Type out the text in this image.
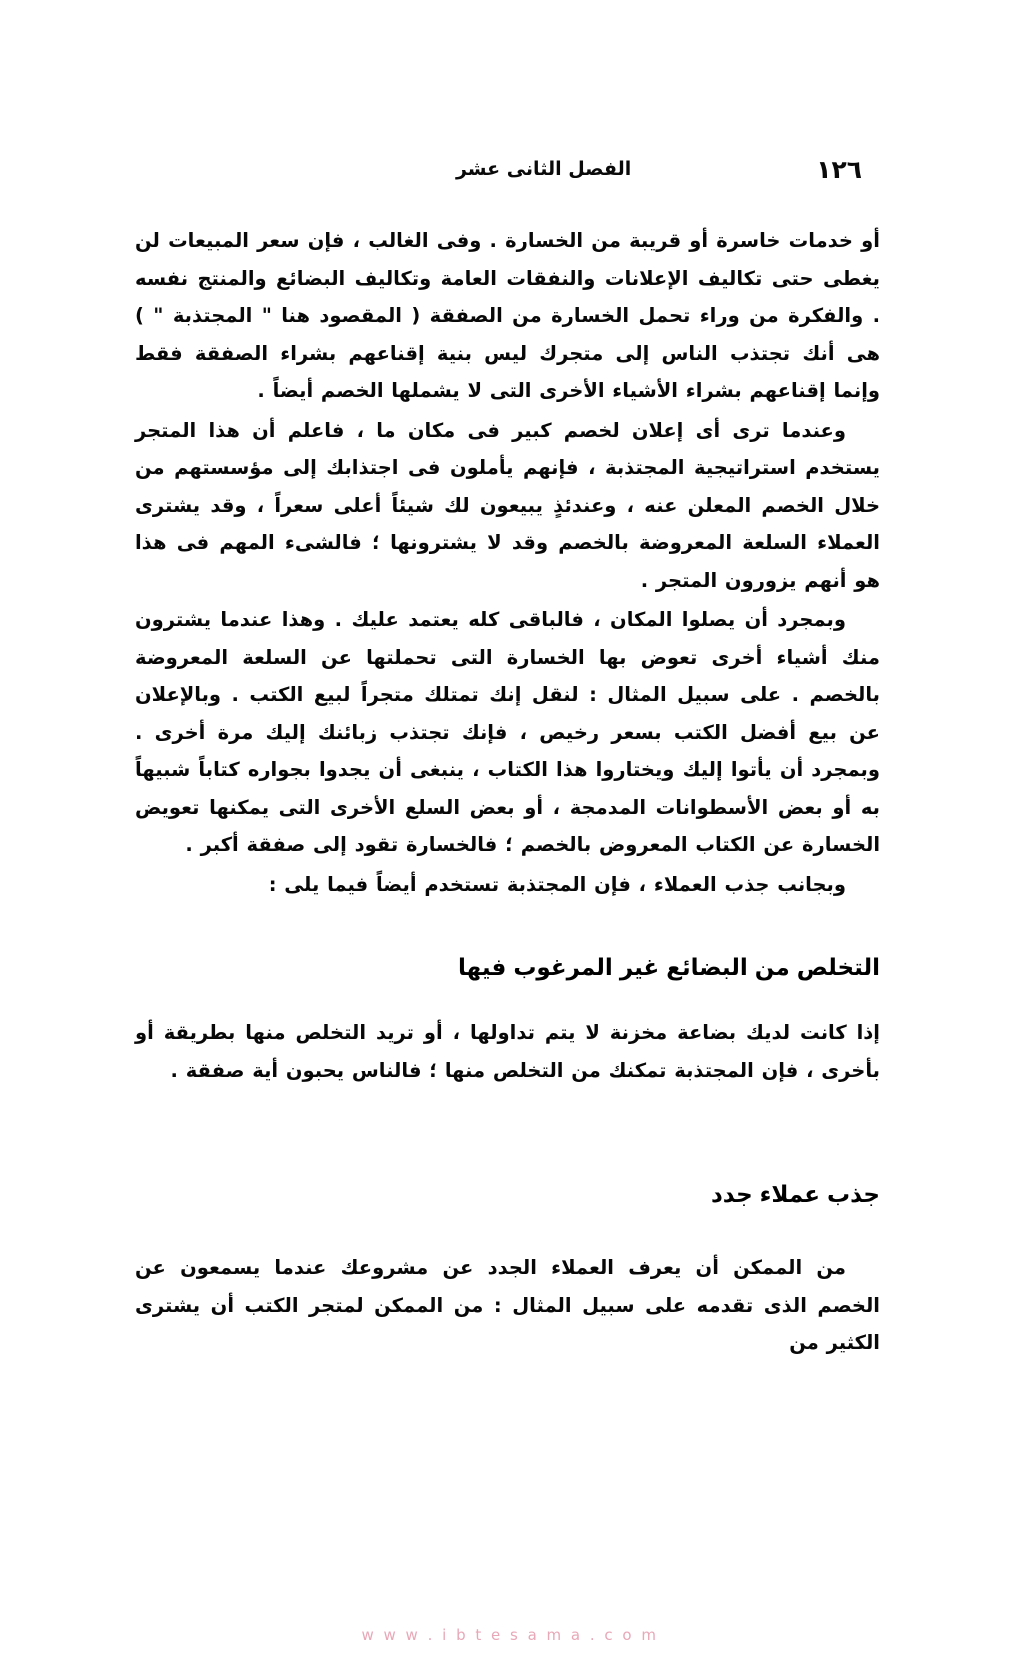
١٢٦
الفصل الثانى عشر

أو خدمات خاسرة أو قريبة من الخسارة . وفى الغالب ، فإن سعر المبيعات لن يغطى حتى تكاليف الإعلانات والنفقات العامة وتكاليف البضائع والمنتج نفسه . والفكرة من وراء تحمل الخسارة من الصفقة ( المقصود هنا " المجتذبة " ) هى أنك تجتذب الناس إلى متجرك ليس بنية إقناعهم بشراء الصفقة فقط وإنما إقناعهم بشراء الأشياء الأخرى التى لا يشملها الخصم أيضاً .

وعندما ترى أى إعلان لخصم كبير فى مكان ما ، فاعلم أن هذا المتجر يستخدم استراتيجية المجتذبة ، فإنهم يأملون فى اجتذابك إلى مؤسستهم من خلال الخصم المعلن عنه ، وعندئذٍ يبيعون لك شيئاً أعلى سعراً ، وقد يشترى العملاء السلعة المعروضة بالخصم وقد لا يشترونها ؛ فالشىء المهم فى هذا هو أنهم يزورون المتجر .

وبمجرد أن يصلوا المكان ، فالباقى كله يعتمد عليك . وهذا عندما يشترون منك أشياء أخرى تعوض بها الخسارة التى تحملتها عن السلعة المعروضة بالخصم . على سبيل المثال : لنقل إنك تمتلك متجراً لبيع الكتب . وبالإعلان عن بيع أفضل الكتب بسعر رخيص ، فإنك تجتذب زبائنك إليك مرة أخرى . وبمجرد أن يأتوا إليك ويختاروا هذا الكتاب ، ينبغى أن يجدوا بجواره كتاباً شبيهاً به أو بعض الأسطوانات المدمجة ، أو بعض السلع الأخرى التى يمكنها تعويض الخسارة عن الكتاب المعروض بالخصم ؛ فالخسارة تقود إلى صفقة أكبر .

وبجانب جذب العملاء ، فإن المجتذبة تستخدم أيضاً فيما يلى :

التخلص من البضائع غير المرغوب فيها

إذا كانت لديك بضاعة مخزنة لا يتم تداولها ، أو تريد التخلص منها بطريقة أو بأخرى ، فإن المجتذبة تمكنك من التخلص منها ؛ فالناس يحبون أية صفقة .

جذب عملاء جدد

من الممكن أن يعرف العملاء الجدد عن مشروعك عندما يسمعون عن الخصم الذى تقدمه على سبيل المثال : من الممكن لمتجر الكتب أن يشترى الكثير من

w w w . i b t e s a m a . c o m
